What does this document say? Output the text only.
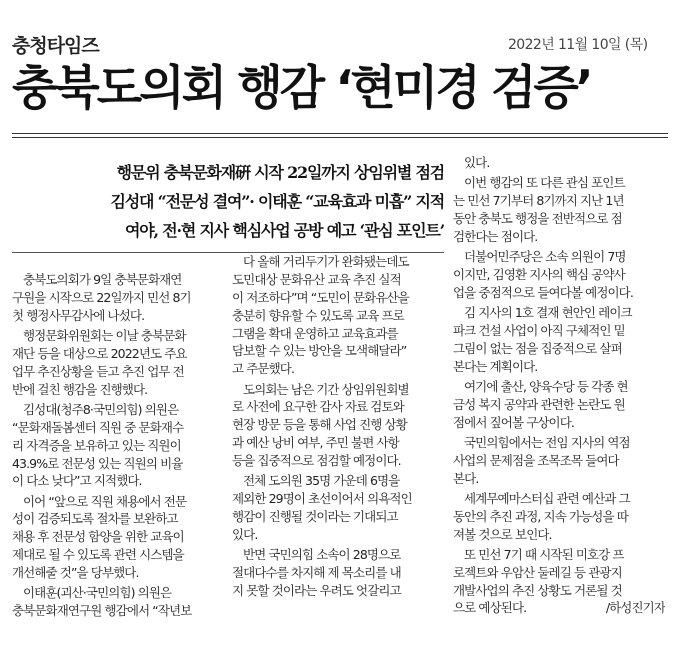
충청타임즈	2022년 11월 10일 (목)
충북도의회 행감 ‘현미경 검증’
행문위 충북문화재硏 시작 22일까지 상임위별 점검
김성대 “전문성 결여”· 이태훈 “교육효과 미흡” 지적
여야, 전·현 지사 핵심사업 공방 예고 ‘관심 포인트’
충북도의회가 9일 충북문화재연
구원을 시작으로 22일까지 민선 8기
첫 행정사무감사에 나섰다.
행정문화위원회는 이날 충북문화
재단 등을 대상으로 2022년도 주요
업무 추진상황을 듣고 추진 업무 전
반에 걸친 행감을 진행했다.
김성대(청주8·국민의힘) 의원은
“문화재돌봄센터 직원 중 문화재수
리 자격증을 보유하고 있는 직원이
43.9%로 전문성 있는 직원의 비율
이 다소 낮다”고 지적했다.
이어 “앞으로 직원 채용에서 전문
성이 검증되도록 절차를 보완하고
채용 후 전문성 함양을 위한 교육이
제대로 될 수 있도록 관련 시스템을
개선해줄 것”을 당부했다.
이태훈(괴산·국민의힘) 의원은
충북문화재연구원 행감에서 “작년보
다 올해 거리두기가 완화됐는데도
도민대상 문화유산 교육 추진 실적
이 저조하다”며 “도민이 문화유산을
충분히 향유할 수 있도록 교육 프로
그램을 확대 운영하고 교육효과를
담보할 수 있는 방안을 모색해달라”
고 주문했다.
도의회는 남은 기간 상임위원회별
로 사전에 요구한 감사 자료 검토와
현장 방문 등을 통해 사업 진행 상황
과 예산 낭비 여부, 주민 불편 사항
등을 집중적으로 점검할 예정이다.
전체 도의원 35명 가운데 6명을
제외한 29명이 초선이어서 의욕적인
행감이 진행될 것이라는 기대되고
있다.
반면 국민의힘 소속이 28명으로
절대다수를 차지해 제 목소리를 내
지 못할 것이라는 우려도 엇갈리고
있다.
이번 행감의 또 다른 관심 포인트
는 민선 7기부터 8기까지 지난 1년
동안 충북도 행정을 전반적으로 점
검한다는 점이다.
더불어민주당은 소속 의원이 7명
이지만, 김영환 지사의 핵심 공약사
업을 중점적으로 들여다볼 예정이다.
김 지사의 1호 결재 현안인 레이크
파크 건설 사업이 아직 구체적인 밑
그림이 없는 점을 집중적으로 살펴
본다는 계획이다.
여기에 출산, 양육수당 등 각종 현
금성 복지 공약과 관련한 논란도 원
점에서 짚어볼 구상이다.
국민의힘에서는 전임 지사의 역점
사업의 문제점을 조목조목 들여다
본다.
세계무예마스터십 관련 예산과 그
동안의 추진 과정, 지속 가능성을 따
져볼 것으로 보인다.
또 민선 7기 때 시작된 미호강 프
로젝트와 우암산 둘레길 등 관광지
개발사업의 추진 상황도 거론될 것
으로 예상된다.	/하성진기자
